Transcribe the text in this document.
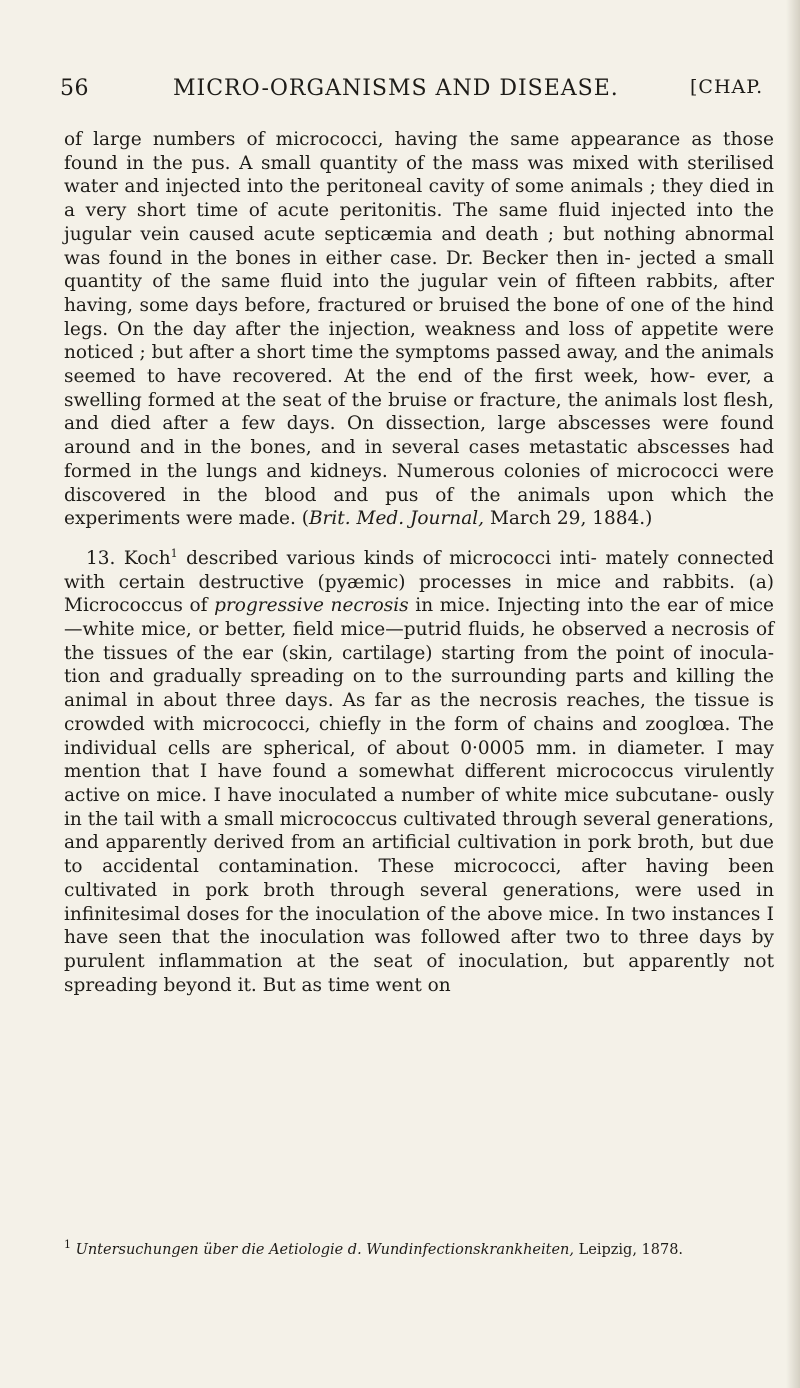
56	MICRO-ORGANISMS AND DISEASE.	[CHAP.

of large numbers of micrococci, having the same appearance as those found in the pus. A small quantity of the mass was mixed with sterilised water and injected into the peritoneal cavity of some animals ; they died in a very short time of acute peritonitis. The same fluid injected into the jugular vein caused acute septicæmia and death ; but nothing abnormal was found in the bones in either case. Dr. Becker then in- jected a small quantity of the same fluid into the jugular vein of fifteen rabbits, after having, some days before, fractured or bruised the bone of one of the hind legs. On the day after the injection, weakness and loss of appetite were noticed ; but after a short time the symptoms passed away, and the animals seemed to have recovered. At the end of the first week, how- ever, a swelling formed at the seat of the bruise or fracture, the animals lost flesh, and died after a few days. On dissection, large abscesses were found around and in the bones, and in several cases metastatic abscesses had formed in the lungs and kidneys. Numerous colonies of micrococci were discovered in the blood and pus of the animals upon which the experiments were made. (Brit. Med. Journal, March 29, 1884.)

13. Koch$^1$ described various kinds of micrococci inti- mately connected with certain destructive (pyæmic) processes in mice and rabbits. (a) Micrococcus of progressive necrosis in mice. Injecting into the ear of mice—white mice, or better, field mice—putrid fluids, he observed a necrosis of the tissues of the ear (skin, cartilage) starting from the point of inocula- tion and gradually spreading on to the surrounding parts and killing the animal in about three days. As far as the necrosis reaches, the tissue is crowded with micrococci, chiefly in the form of chains and zooglœa. The individual cells are spherical, of about 0·0005 mm. in diameter. I may mention that I have found a somewhat different micrococcus virulently active on mice. I have inoculated a number of white mice subcutane- ously in the tail with a small micrococcus cultivated through several generations, and apparently derived from an artificial cultivation in pork broth, but due to accidental contamination. These micrococci, after having been cultivated in pork broth through several generations, were used in infinitesimal doses for the inoculation of the above mice. In two instances I have seen that the inoculation was followed after two to three days by purulent inflammation at the seat of inoculation, but apparently not spreading beyond it. But as time went on

$^1$ Untersuchungen über die Aetiologie d. Wundinfectionskrankheiten, Leipzig, 1878.
